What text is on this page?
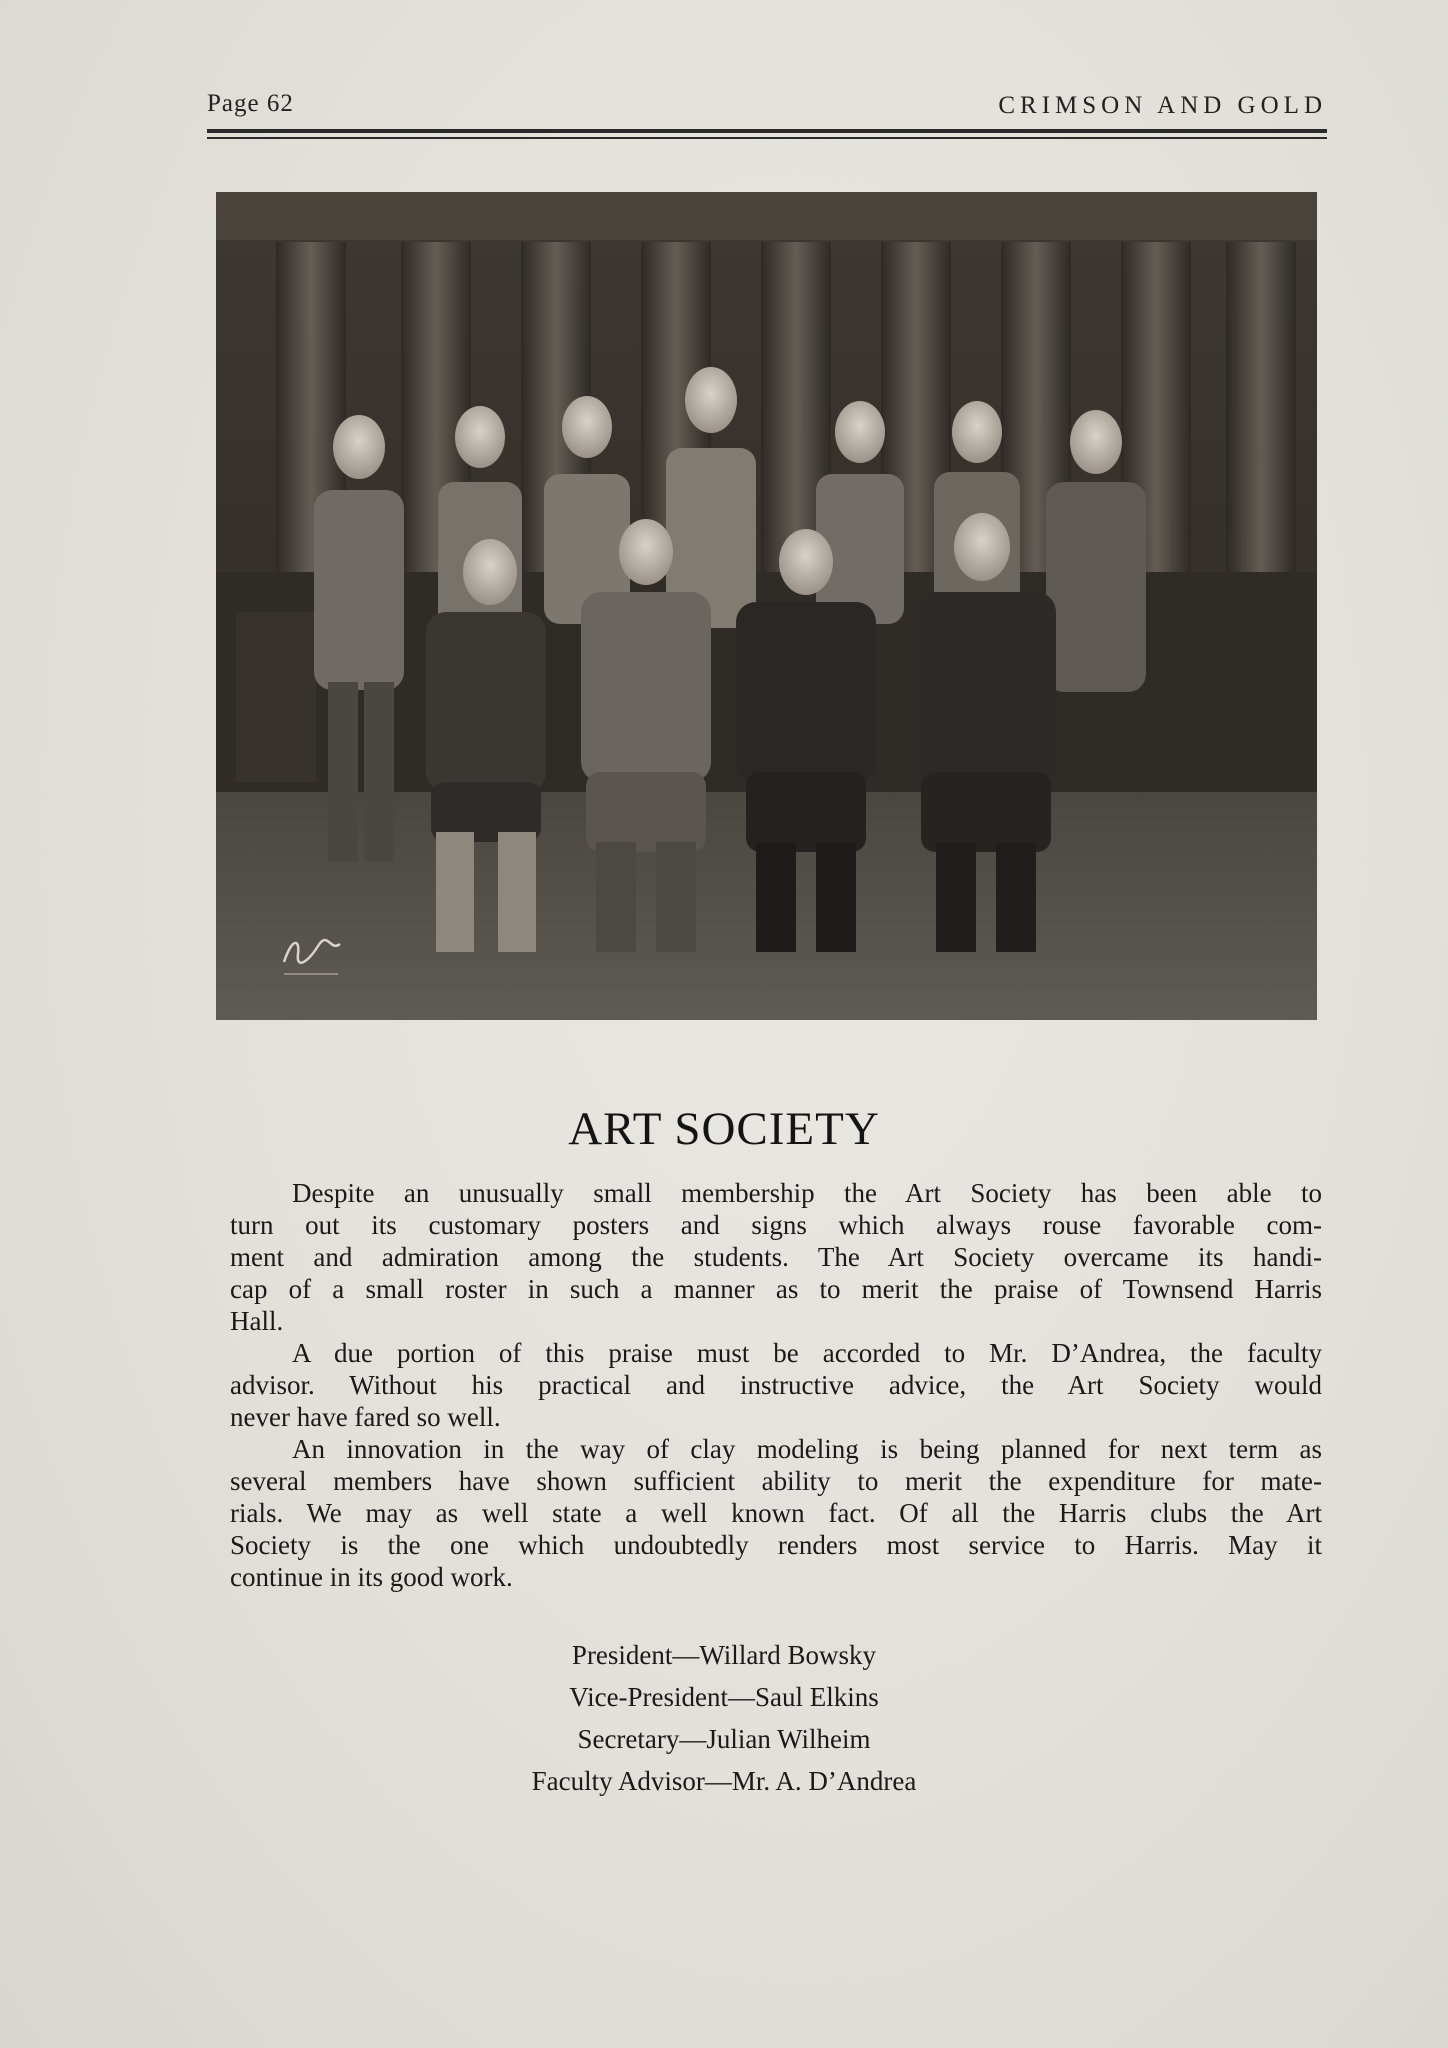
Page 62	CRIMSON AND GOLD
ART SOCIETY
Despite an unusually small membership the Art Society has been able to
turn out its customary posters and signs which always rouse favorable com-
ment and admiration among the students. The Art Society overcame its handi-
cap of a small roster in such a manner as to merit the praise of Townsend Harris
Hall.
A due portion of this praise must be accorded to Mr. D’Andrea, the faculty
advisor. Without his practical and instructive advice, the Art Society would
never have fared so well.
An innovation in the way of clay modeling is being planned for next term as
several members have shown sufficient ability to merit the expenditure for mate-
rials. We may as well state a well known fact. Of all the Harris clubs the Art
Society is the one which undoubtedly renders most service to Harris. May it
continue in its good work.
President—Willard Bowsky
Vice-President—Saul Elkins
Secretary—Julian Wilheim
Faculty Advisor—Mr. A. D’Andrea
